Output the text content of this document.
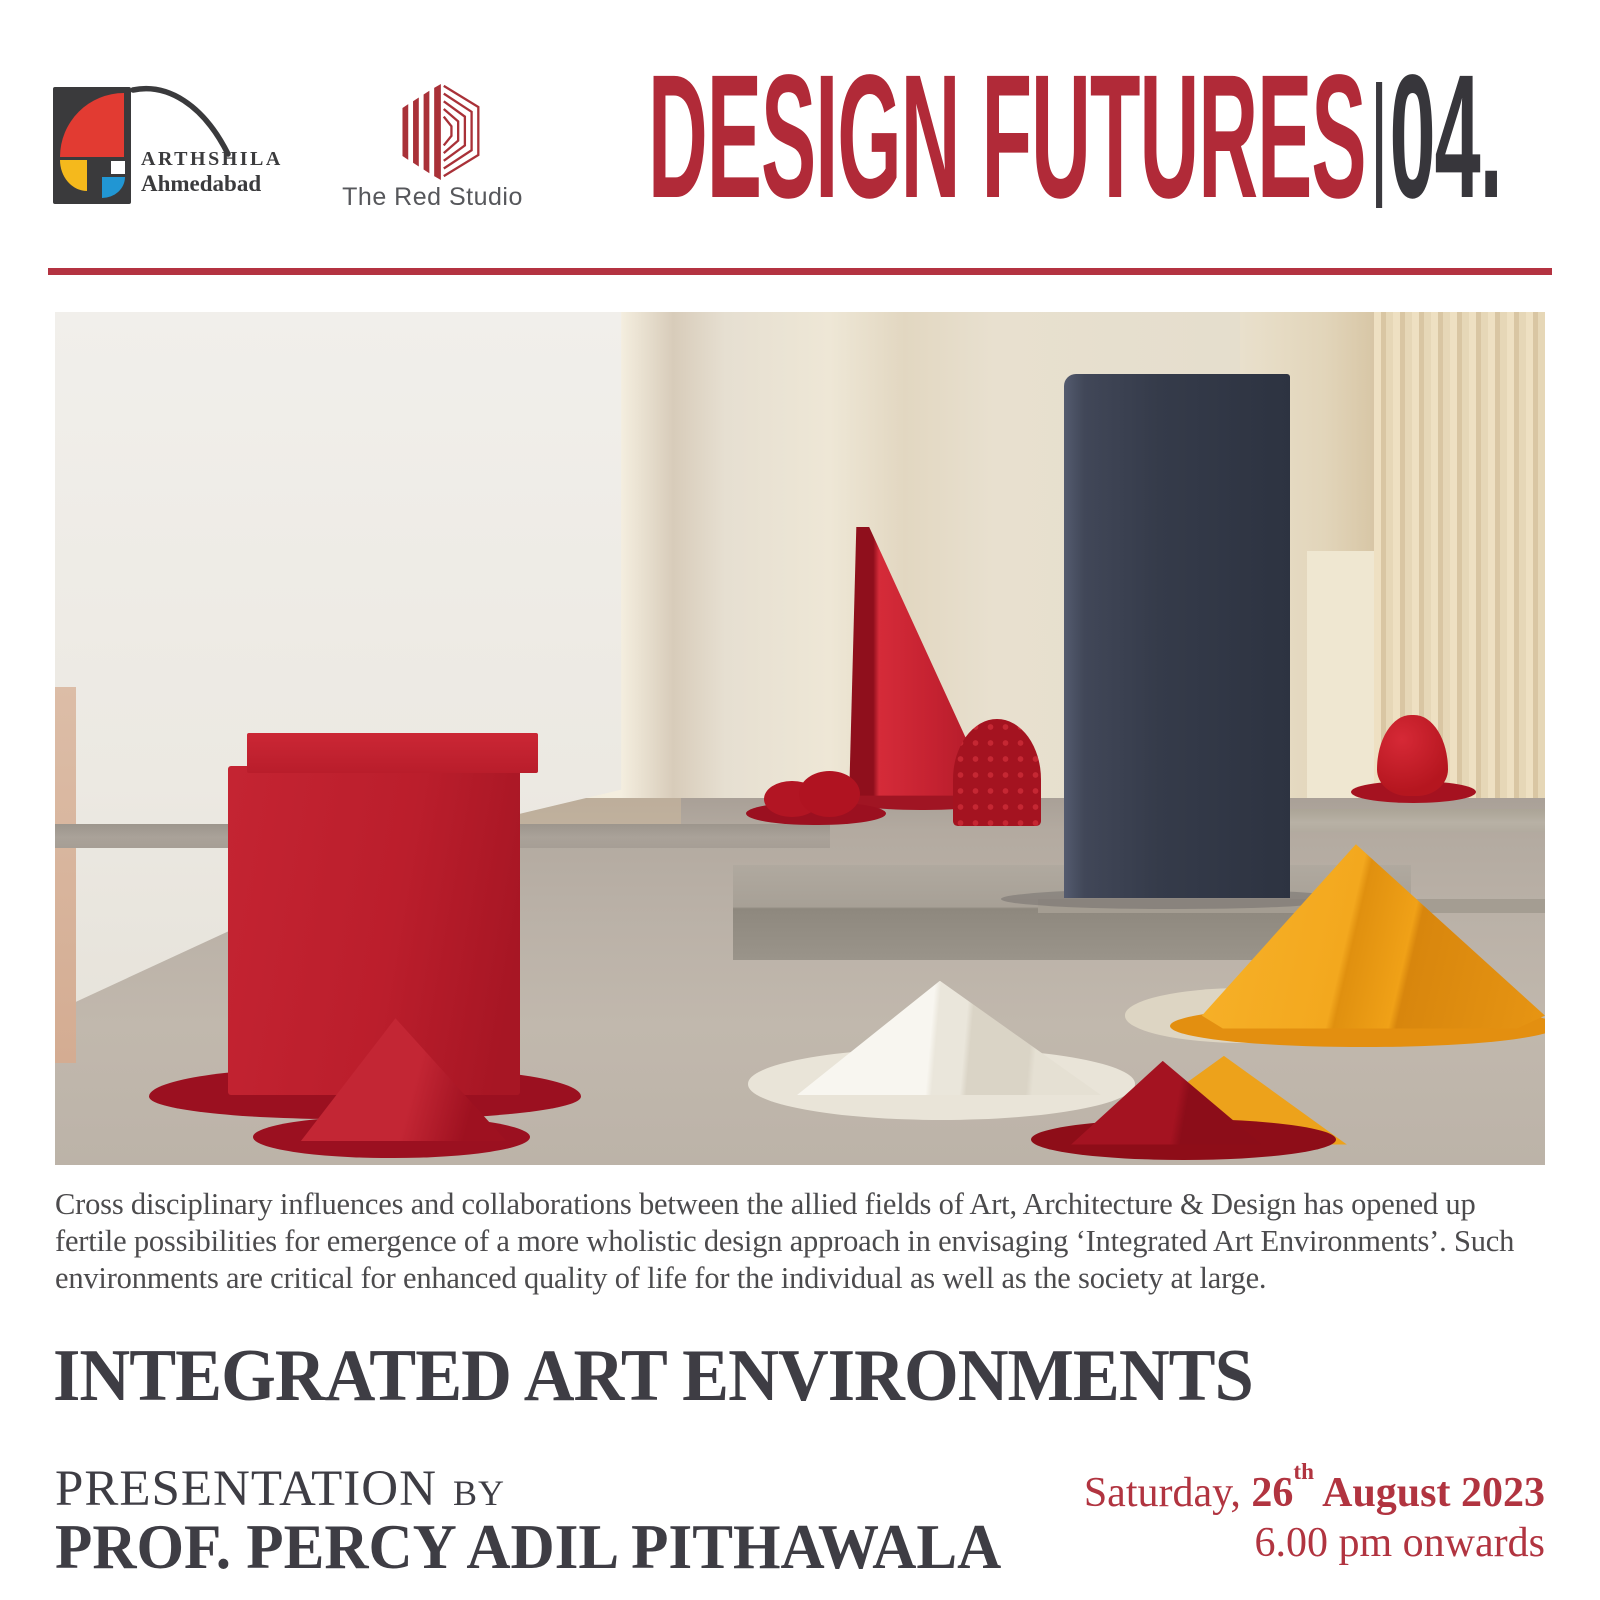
ARTHSHILA
Ahmedabad	The Red Studio DESIGN FUTURES 04.
Cross disciplinary influences and collaborations between the allied fields of Art, Architecture & Design has opened up fertile possibilities for emergence of a more wholistic design approach in envisaging ‘Integrated Art Environments’. Such environments are critical for enhanced quality of life for the individual as well as the society at large.
INTEGRATED ART ENVIRONMENTS
PRESENTATION BY
PROF. PERCY ADIL PITHAWALA
Saturday, 26th August 2023
6.00 pm onwards
